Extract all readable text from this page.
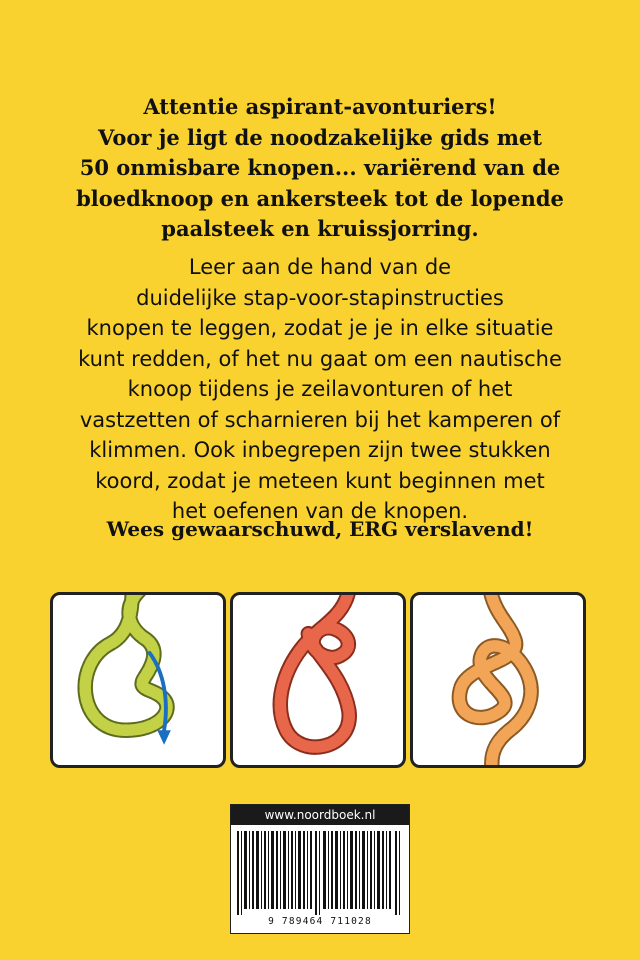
Attentie aspirant-avonturiers!
Voor je ligt de noodzakelijke gids met
50 onmisbare knopen... variërend van de
bloedknoop en ankersteek tot de lopende
paalsteek en kruissjorring.
Leer aan de hand van de
duidelijke stap-voor-stapinstructies
knopen te leggen, zodat je je in elke situatie
kunt redden, of het nu gaat om een nautische
knoop tijdens je zeilavonturen of het
vastzetten of scharnieren bij het kamperen of
klimmen. Ook inbegrepen zijn twee stukken
koord, zodat je meteen kunt beginnen met
het oefenen van de knopen.
Wees gewaarschuwd, ERG verslavend!
www.noordboek.nl
9 789464 711028
